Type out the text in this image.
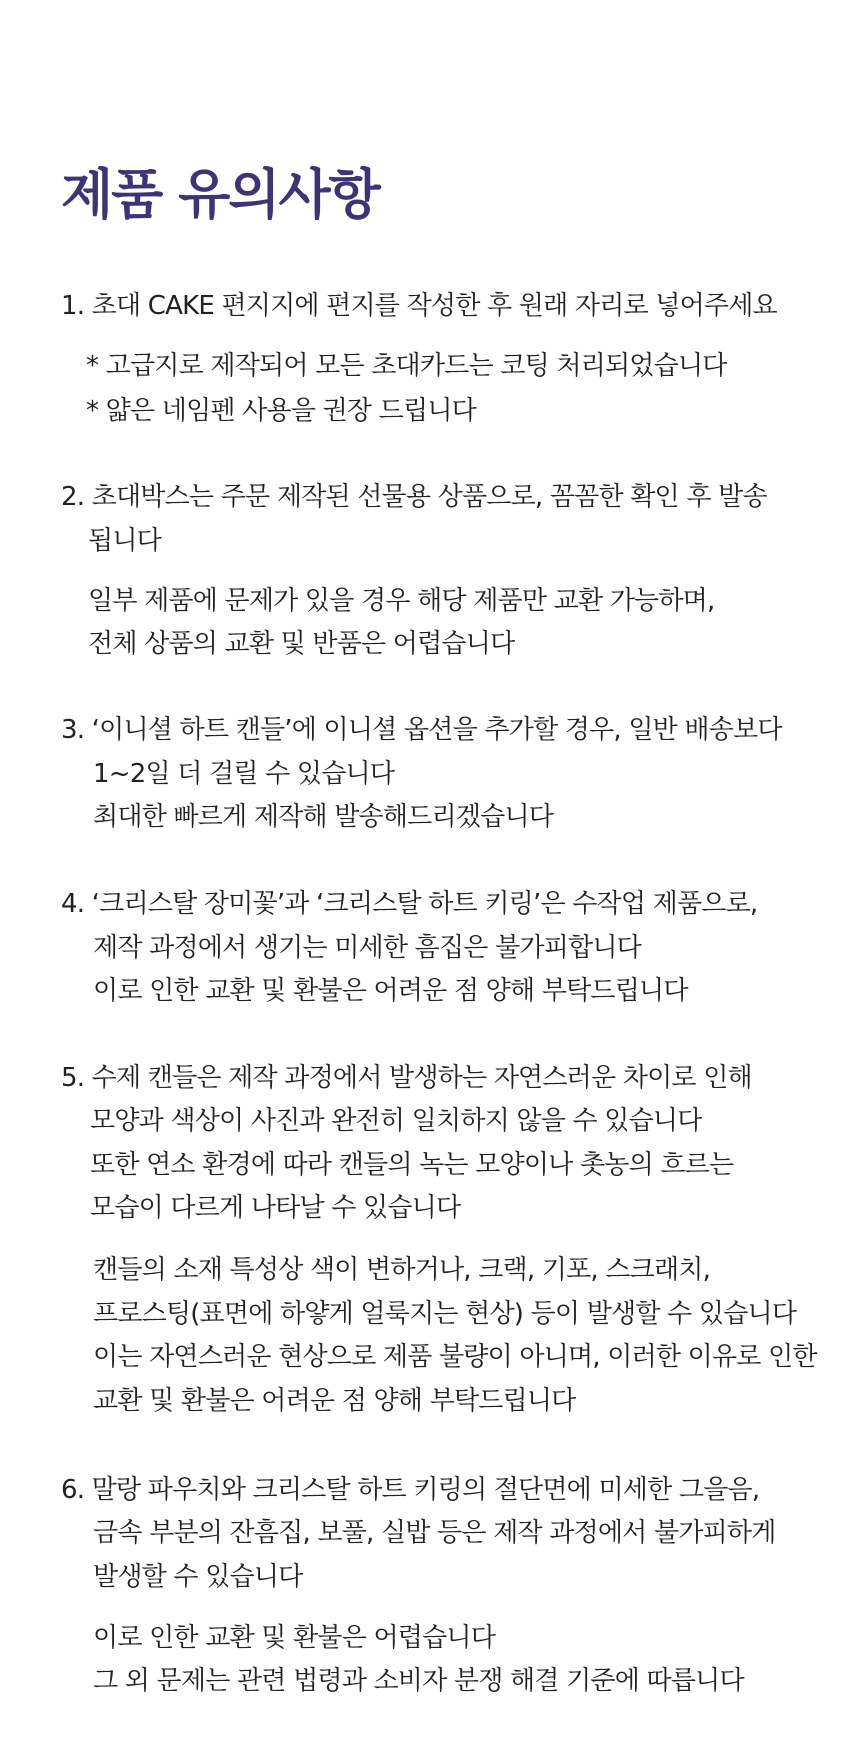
제품 유의사항

1. 초대 CAKE 편지지에 편지를 작성한 후 원래 자리로 넣어주세요

* 고급지로 제작되어 모든 초대카드는 코팅 처리되었습니다

* 얇은 네임펜 사용을 권장 드립니다

2. 초대박스는 주문 제작된 선물용 상품으로, 꼼꼼한 확인 후 발송

됩니다

일부 제품에 문제가 있을 경우 해당 제품만 교환 가능하며,

전체 상품의 교환 및 반품은 어렵습니다

3. ‘이니셜 하트 캔들’에 이니셜 옵션을 추가할 경우, 일반 배송보다

1~2일 더 걸릴 수 있습니다

최대한 빠르게 제작해 발송해드리겠습니다

4. ‘크리스탈 장미꽃’과 ‘크리스탈 하트 키링’은 수작업 제품으로,

제작 과정에서 생기는 미세한 흠집은 불가피합니다

이로 인한 교환 및 환불은 어려운 점 양해 부탁드립니다

5. 수제 캔들은 제작 과정에서 발생하는 자연스러운 차이로 인해

모양과 색상이 사진과 완전히 일치하지 않을 수 있습니다

또한 연소 환경에 따라 캔들의 녹는 모양이나 촛농의 흐르는

모습이 다르게 나타날 수 있습니다

캔들의 소재 특성상 색이 변하거나, 크랙, 기포, 스크래치,

프로스팅(표면에 하얗게 얼룩지는 현상) 등이 발생할 수 있습니다

이는 자연스러운 현상으로 제품 불량이 아니며, 이러한 이유로 인한

교환 및 환불은 어려운 점 양해 부탁드립니다

6. 말랑 파우치와 크리스탈 하트 키링의 절단면에 미세한 그을음,

금속 부분의 잔흠집, 보풀, 실밥 등은 제작 과정에서 불가피하게

발생할 수 있습니다

이로 인한 교환 및 환불은 어렵습니다

그 외 문제는 관련 법령과 소비자 분쟁 해결 기준에 따릅니다
